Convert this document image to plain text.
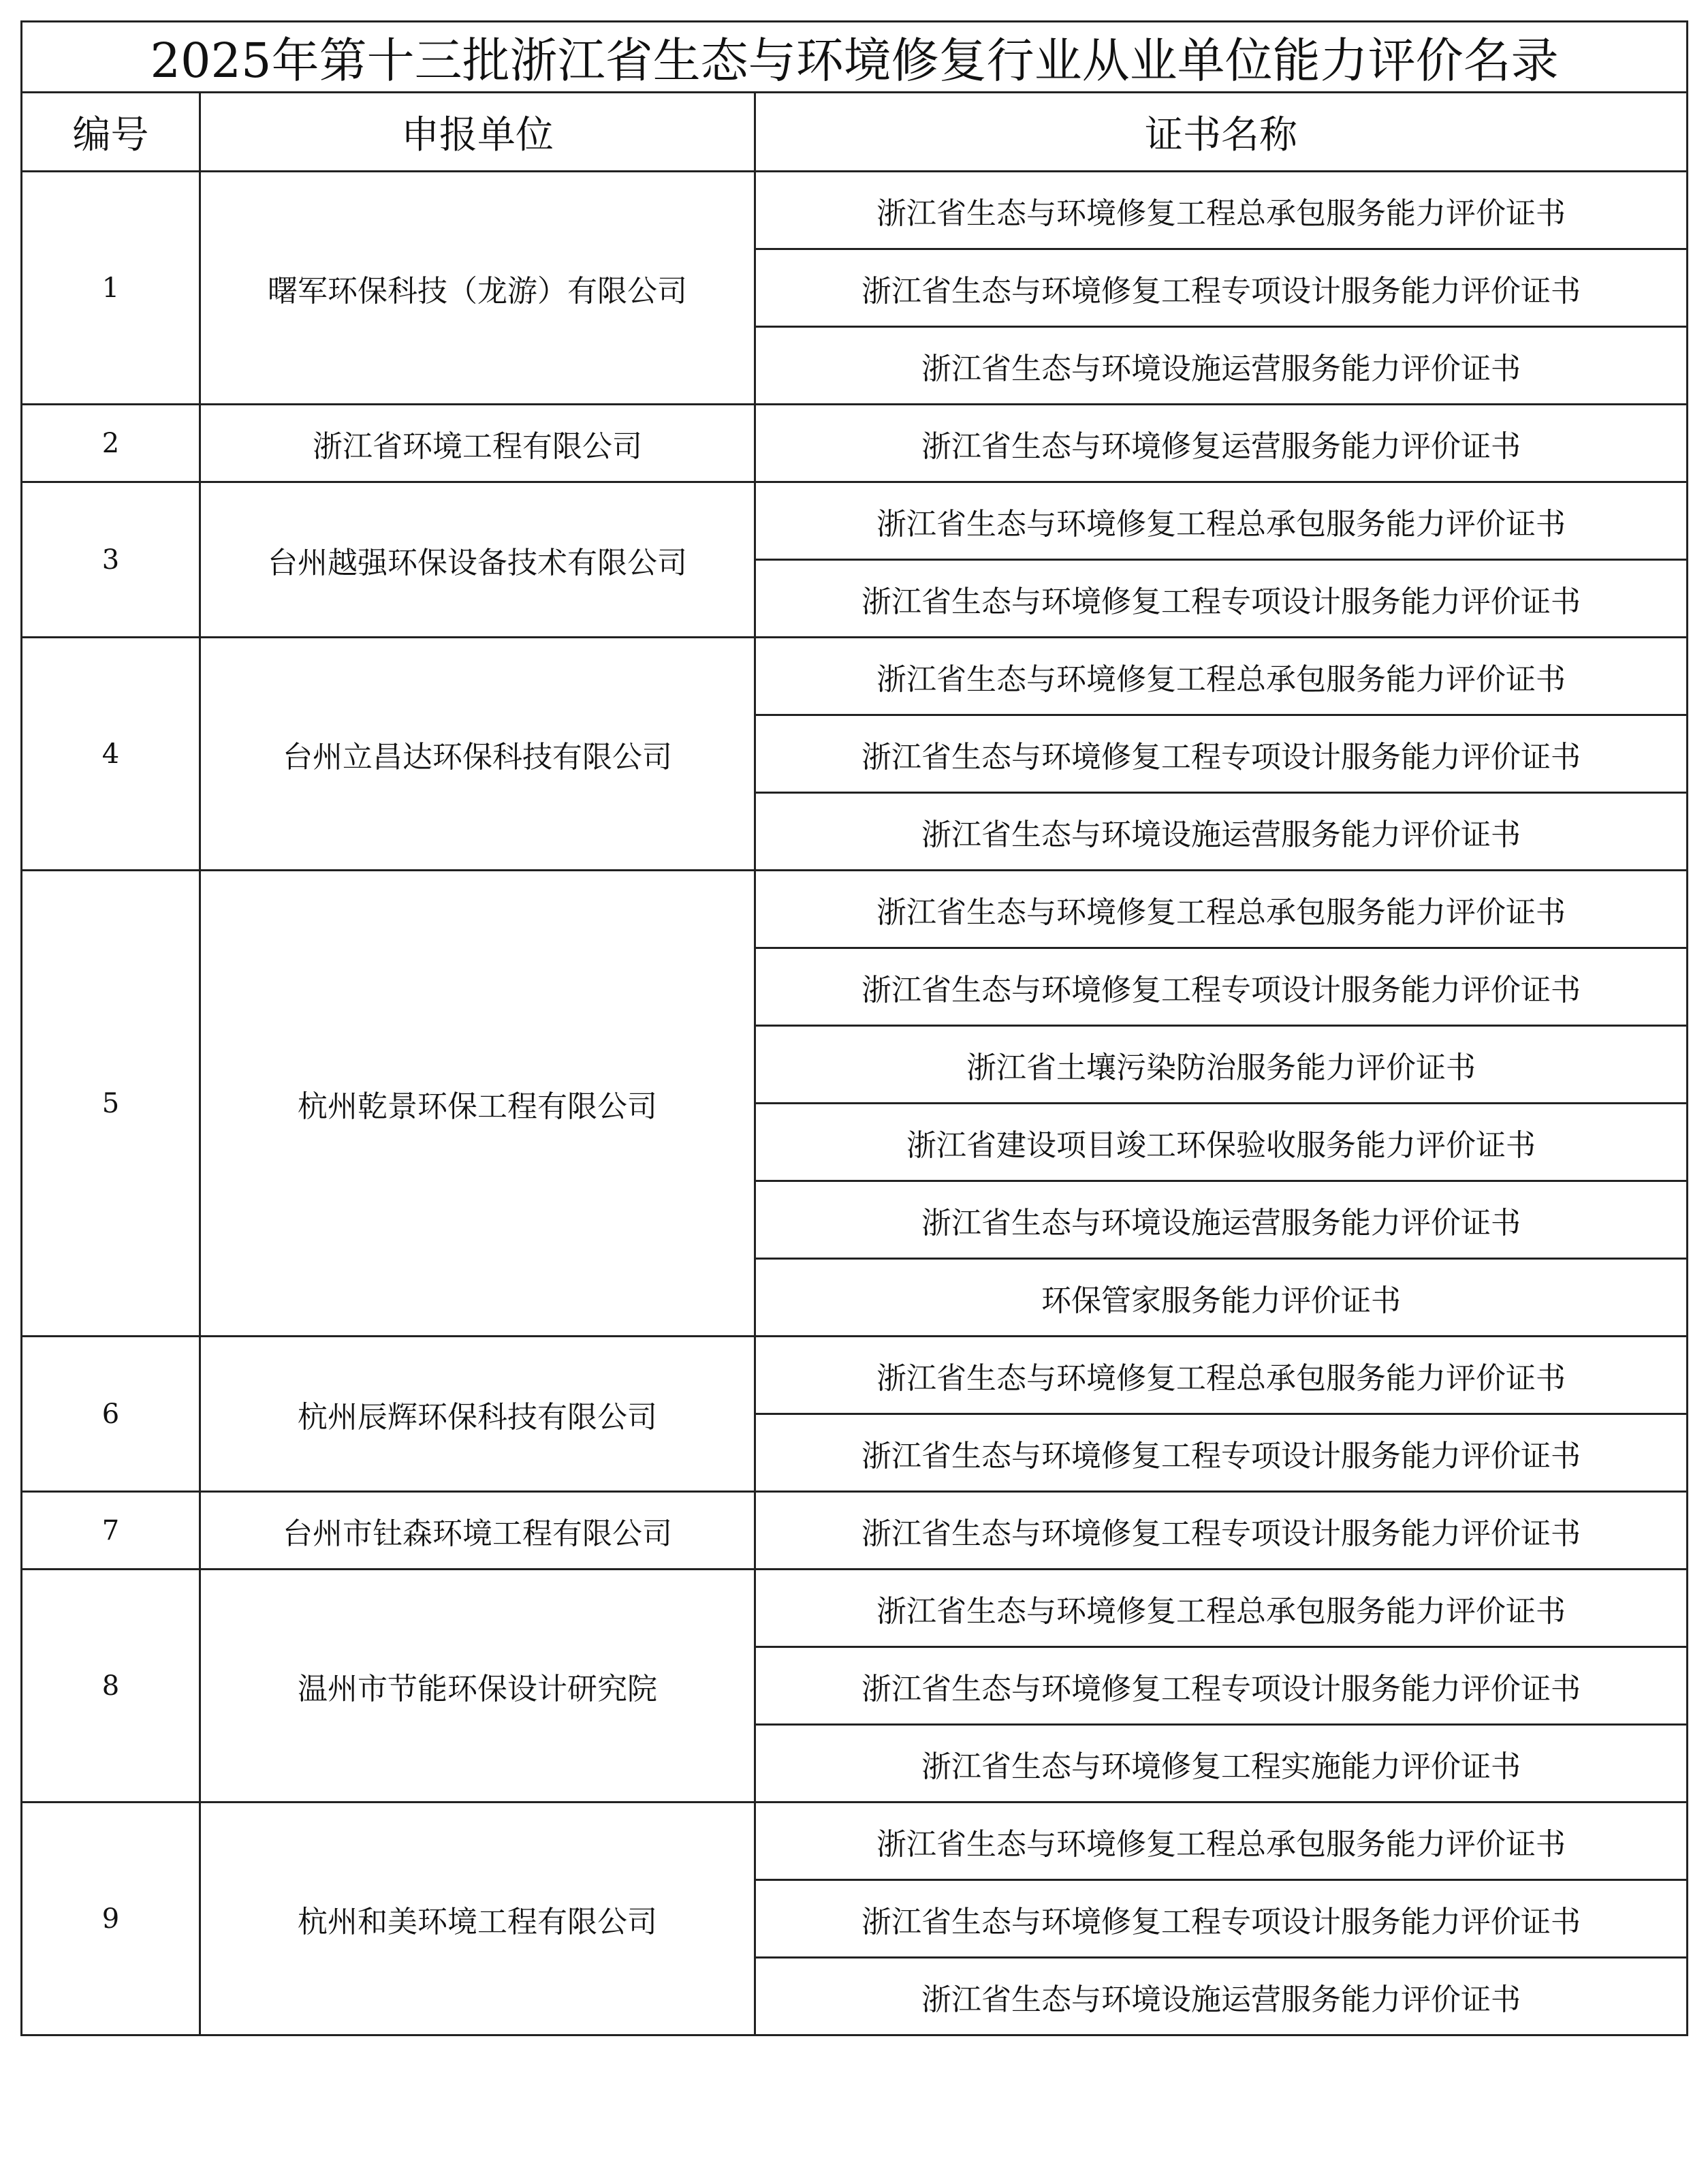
2025年第十三批浙江省生态与环境修复行业从业单位能力评价名录		
编号	申报单位	证书名称
1	曙军环保科技（龙游）有限公司	浙江省生态与环境修复工程总承包服务能力评价证书
		浙江省生态与环境修复工程专项设计服务能力评价证书
		浙江省生态与环境设施运营服务能力评价证书
2	浙江省环境工程有限公司	浙江省生态与环境修复运营服务能力评价证书
3	台州越强环保设备技术有限公司	浙江省生态与环境修复工程总承包服务能力评价证书
		浙江省生态与环境修复工程专项设计服务能力评价证书
4	台州立昌达环保科技有限公司	浙江省生态与环境修复工程总承包服务能力评价证书
		浙江省生态与环境修复工程专项设计服务能力评价证书
		浙江省生态与环境设施运营服务能力评价证书
5	杭州乾景环保工程有限公司	浙江省生态与环境修复工程总承包服务能力评价证书
		浙江省生态与环境修复工程专项设计服务能力评价证书
		浙江省土壤污染防治服务能力评价证书
		浙江省建设项目竣工环保验收服务能力评价证书
		浙江省生态与环境设施运营服务能力评价证书
		环保管家服务能力评价证书
6	杭州辰辉环保科技有限公司	浙江省生态与环境修复工程总承包服务能力评价证书
		浙江省生态与环境修复工程专项设计服务能力评价证书
7	台州市钍森环境工程有限公司	浙江省生态与环境修复工程专项设计服务能力评价证书
8	温州市节能环保设计研究院	浙江省生态与环境修复工程总承包服务能力评价证书
		浙江省生态与环境修复工程专项设计服务能力评价证书
		浙江省生态与环境修复工程实施能力评价证书
9	杭州和美环境工程有限公司	浙江省生态与环境修复工程总承包服务能力评价证书
		浙江省生态与环境修复工程专项设计服务能力评价证书
		浙江省生态与环境设施运营服务能力评价证书
